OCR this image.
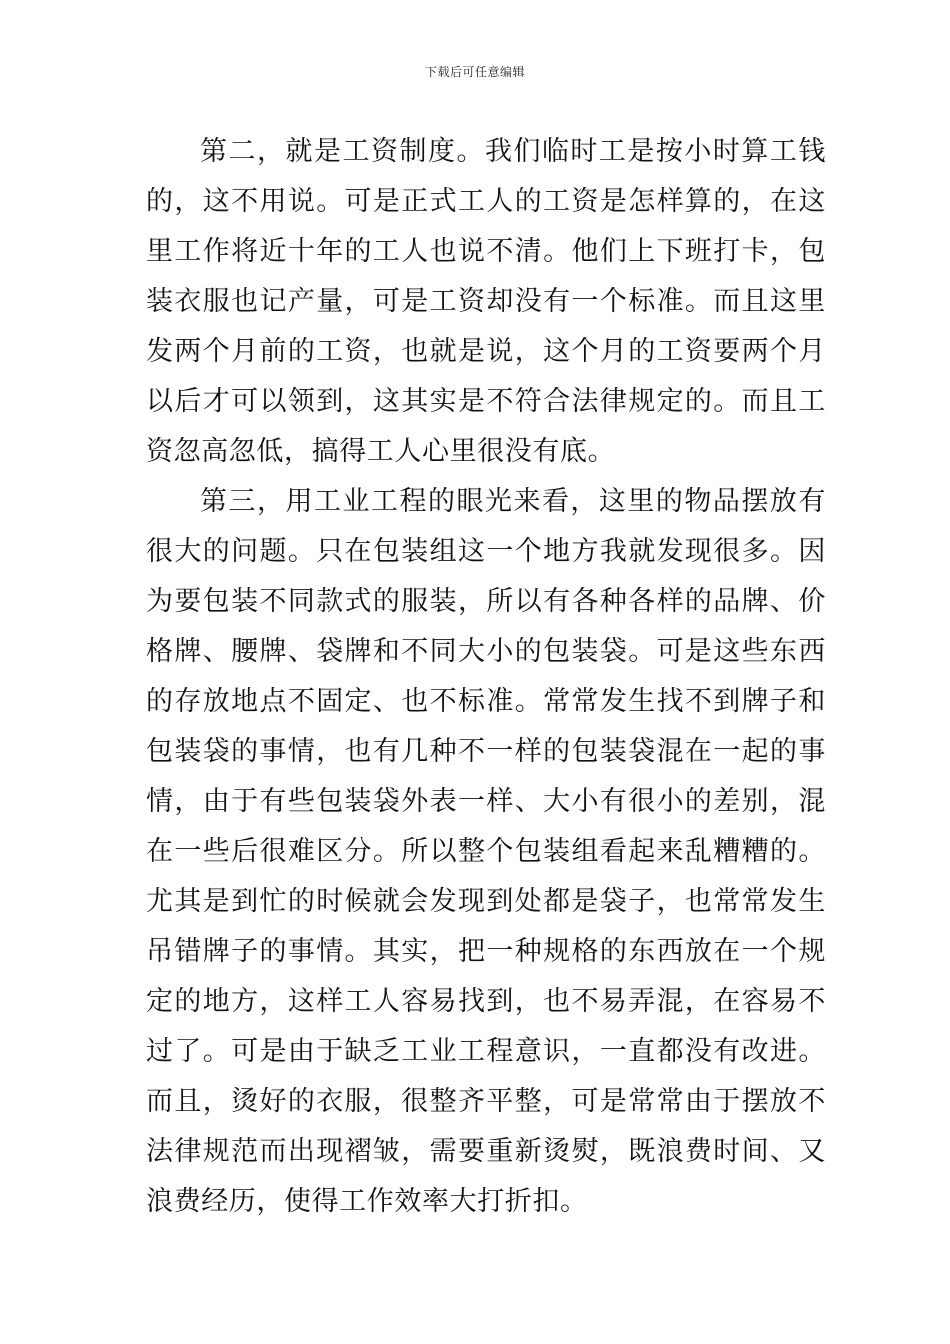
下载后可任意编辑

第二，就是工资制度。我们临时工是按小时算工钱的，这不用说。可是正式工人的工资是怎样算的，在这里工作将近十年的工人也说不清。他们上下班打卡，包装衣服也记产量，可是工资却没有一个标准。而且这里发两个月前的工资，也就是说，这个月的工资要两个月以后才可以领到，这其实是不符合法律规定的。而且工资忽高忽低，搞得工人心里很没有底。

第三，用工业工程的眼光来看，这里的物品摆放有很大的问题。只在包装组这一个地方我就发现很多。因为要包装不同款式的服装，所以有各种各样的品牌、价格牌、腰牌、袋牌和不同大小的包装袋。可是这些东西的存放地点不固定、也不标准。常常发生找不到牌子和包装袋的事情，也有几种不一样的包装袋混在一起的事情，由于有些包装袋外表一样、大小有很小的差别，混在一些后很难区分。所以整个包装组看起来乱糟糟的。尤其是到忙的时候就会发现到处都是袋子，也常常发生吊错牌子的事情。其实，把一种规格的东西放在一个规定的地方，这样工人容易找到，也不易弄混，在容易不过了。可是由于缺乏工业工程意识，一直都没有改进。而且，烫好的衣服，很整齐平整，可是常常由于摆放不法律规范而出现褶皱，需要重新烫熨，既浪费时间、又浪费经历，使得工作效率大打折扣。
